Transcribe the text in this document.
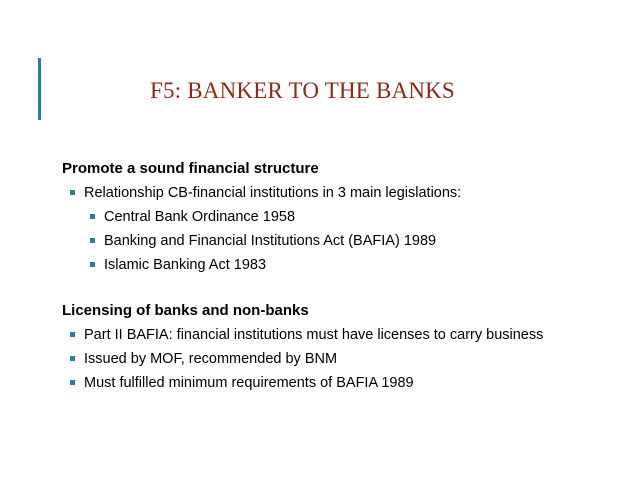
F5: BANKER TO THE BANKS
Promote a sound financial structure
Relationship CB-financial institutions in 3 main legislations:
Central Bank Ordinance 1958
Banking and Financial Institutions Act (BAFIA) 1989
Islamic Banking Act 1983
Licensing of banks and non-banks
Part II BAFIA: financial institutions must have licenses to carry business
Issued by MOF, recommended by BNM
Must fulfilled minimum requirements of BAFIA 1989
